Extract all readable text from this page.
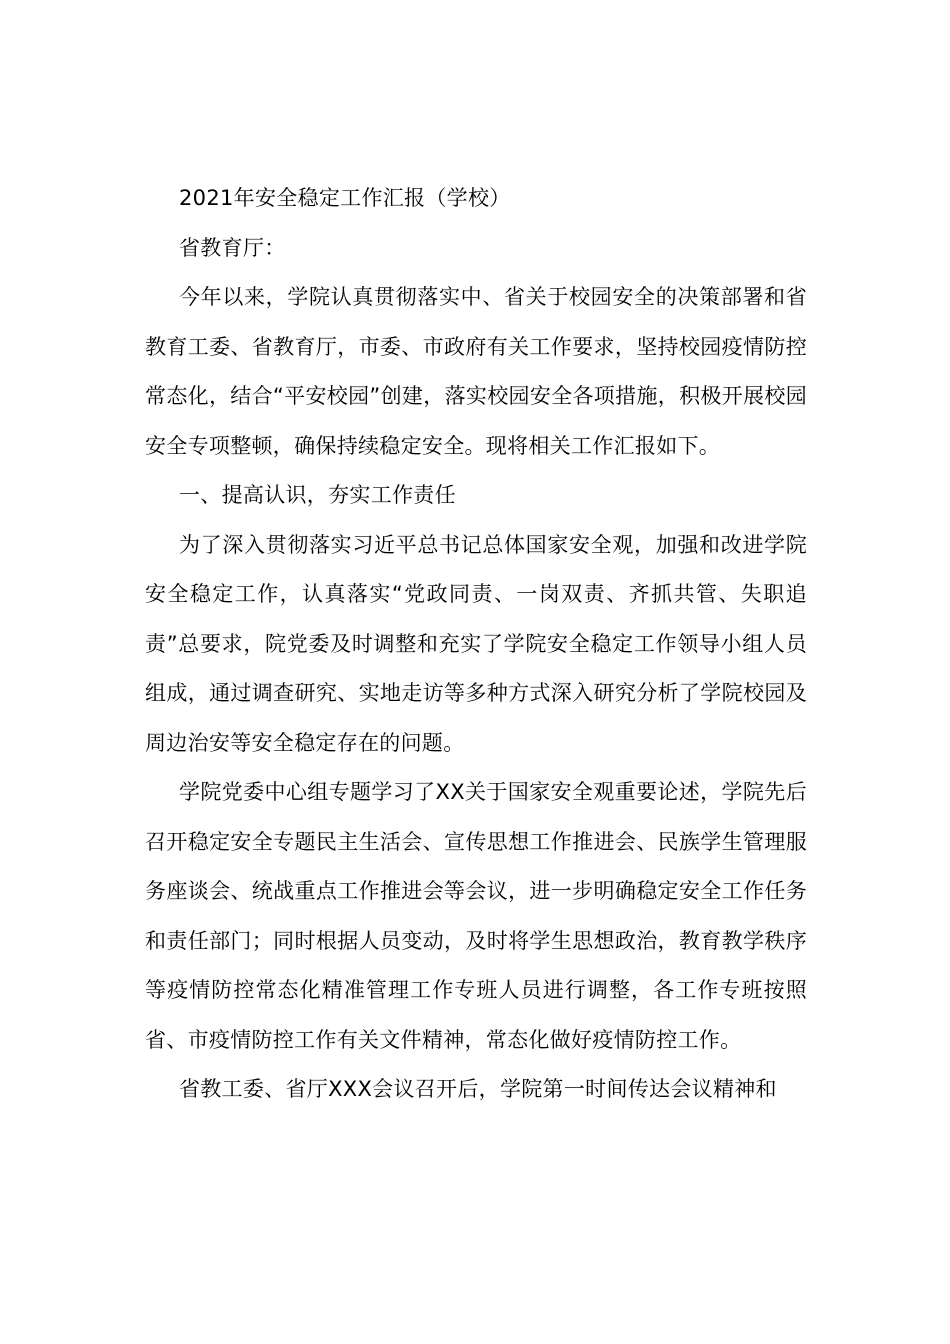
2021年安全稳定工作汇报（学校）

省教育厅：

今年以来，学院认真贯彻落实中、省关于校园安全的决策部署和省教育工委、省教育厅，市委、市政府有关工作要求，坚持校园疫情防控常态化，结合“平安校园”创建，落实校园安全各项措施，积极开展校园安全专项整顿，确保持续稳定安全。现将相关工作汇报如下。

一、提高认识，夯实工作责任

为了深入贯彻落实习近平总书记总体国家安全观，加强和改进学院安全稳定工作，认真落实“党政同责、一岗双责、齐抓共管、失职追责”总要求，院党委及时调整和充实了学院安全稳定工作领导小组人员组成，通过调查研究、实地走访等多种方式深入研究分析了学院校园及周边治安等安全稳定存在的问题。

学院党委中心组专题学习了XX关于国家安全观重要论述，学院先后召开稳定安全专题民主生活会、宣传思想工作推进会、民族学生管理服务座谈会、统战重点工作推进会等会议，进一步明确稳定安全工作任务和责任部门；同时根据人员变动，及时将学生思想政治，教育教学秩序等疫情防控常态化精准管理工作专班人员进行调整，各工作专班按照省、市疫情防控工作有关文件精神，常态化做好疫情防控工作。

省教工委、省厅XXX会议召开后，学院第一时间传达会议精神和
